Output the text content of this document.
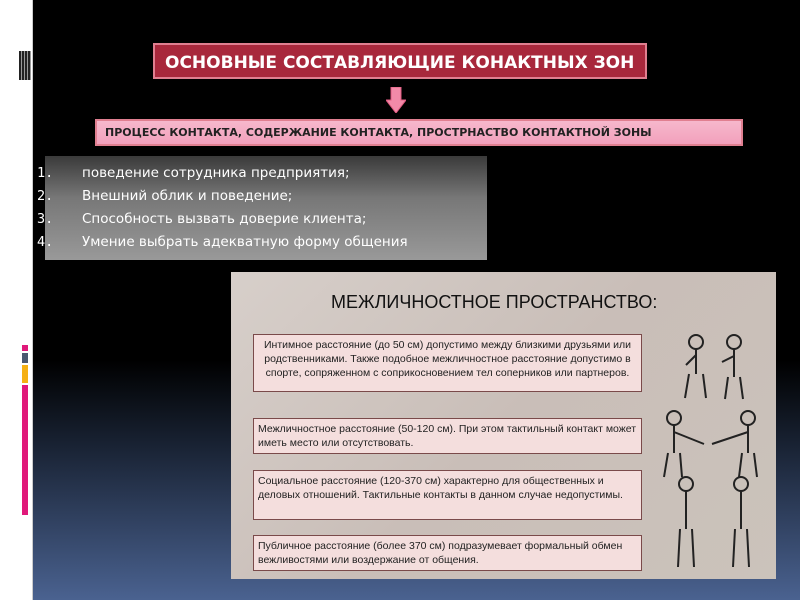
ОСНОВНЫЕ СОСТАВЛЯЮЩИЕ КОНАКТНЫХ ЗОН
ПРОЦЕСС КОНТАКТА, СОДЕРЖАНИЕ КОНТАКТА, ПРОСТРНАСТВО КОНТАКТНОЙ ЗОНЫ
1.	поведение сотрудника предприятия;
2.	Внешний облик и поведение;
3.	Способность вызвать доверие клиента;
4.	Умение выбрать адекватную форму общения
МЕЖЛИЧНОСТНОЕ ПРОСТРАНСТВО:
Интимное расстояние (до 50 см) допустимо между близкими друзьями или родственниками. Также подобное межличностное расстояние допустимо в спорте, сопряженном с соприкосновением тел соперников или партнеров.
Межличностное расстояние (50-120 см). При этом тактильный контакт может иметь место или отсутствовать.
Социальное расстояние (120-370 см) характерно для общественных и деловых отношений. Тактильные контакты в данном случае недопустимы.
Публичное расстояние (более 370 см) подразумевает формальный обмен вежливостями или воздержание от общения.
